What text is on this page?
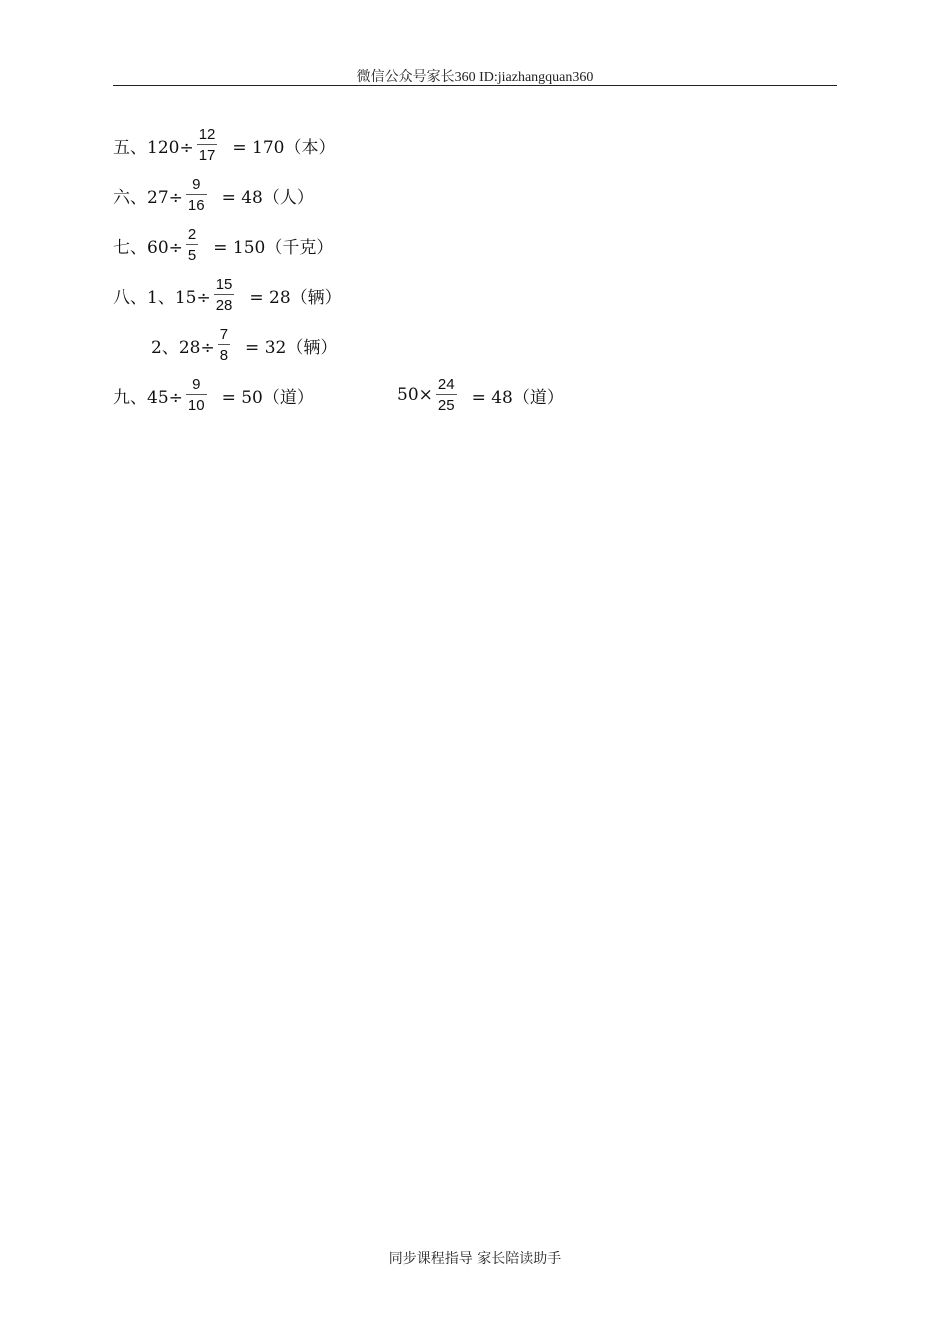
微信公众号家长360 ID:jiazhangquan360
五、$120\div \frac{12}{17} = 170$（本）
六、$27\div \frac{9}{16} = 48$（人）
七、$60\div \frac{2}{5} = 150$（千克）
八、1、$15\div \frac{15}{28} = 28$（辆）
2、$28\div \frac{7}{8} = 32$（辆）
九、$45\div \frac{9}{10} = 50$（道）	$50\times \frac{24}{25} = 48$（道）
同步课程指导 家长陪读助手
